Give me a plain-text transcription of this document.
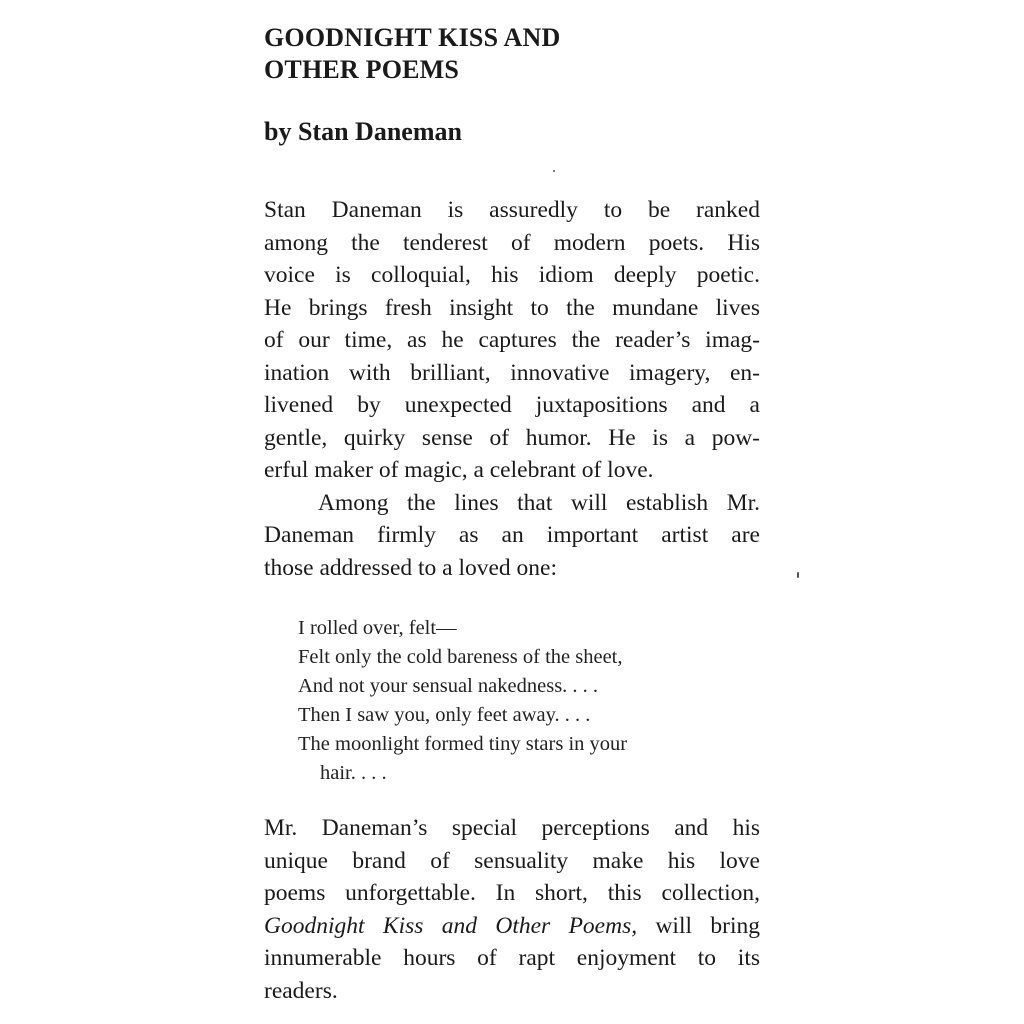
GOODNIGHT KISS AND
OTHER POEMS
by Stan Daneman

Stan Daneman is assuredly to be ranked
among the tenderest of modern poets. His
voice is colloquial, his idiom deeply poetic.
He brings fresh insight to the mundane lives
of our time, as he captures the reader’s imag-
ination with brilliant, innovative imagery, en-
livened by unexpected juxtapositions and a
gentle, quirky sense of humor. He is a pow-
erful maker of magic, a celebrant of love.

Among the lines that will establish Mr.
Daneman firmly as an important artist are
those addressed to a loved one:

I rolled over, felt—
Felt only the cold bareness of the sheet,
And not your sensual nakedness. . . .
Then I saw you, only feet away. . . .
The moonlight formed tiny stars in your
hair. . . .

Mr. Daneman’s special perceptions and his
unique brand of sensuality make his love
poems unforgettable. In short, this collection,
Goodnight Kiss and Other Poems, will bring
innumerable hours of rapt enjoyment to its
readers.
